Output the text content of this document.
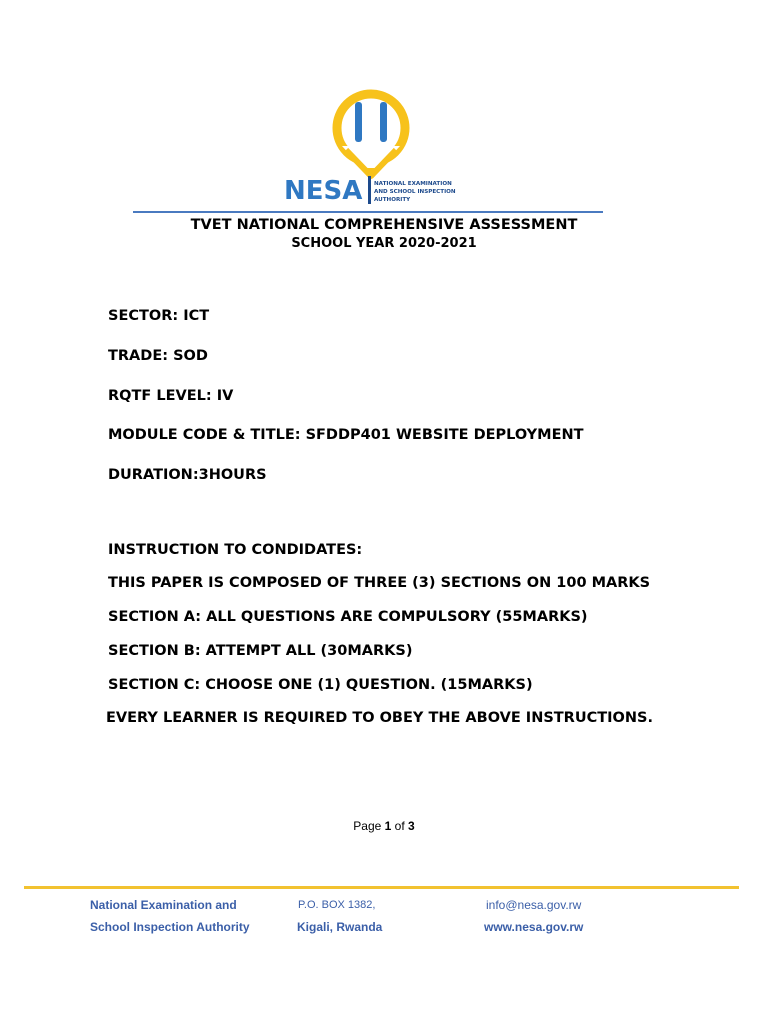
NESA NATIONAL EXAMINATION
AND SCHOOL INSPECTION
AUTHORITY
TVET NATIONAL COMPREHENSIVE ASSESSMENT
SCHOOL YEAR 2020-2021
SECTOR: ICT
TRADE: SOD
RQTF LEVEL: IV
MODULE CODE & TITLE: SFDDP401 WEBSITE DEPLOYMENT
DURATION:3HOURS
INSTRUCTION TO CONDIDATES:
THIS PAPER IS COMPOSED OF THREE (3) SECTIONS ON 100 MARKS
SECTION A: ALL QUESTIONS ARE COMPULSORY (55MARKS)
SECTION B: ATTEMPT ALL (30MARKS)
SECTION C: CHOOSE ONE (1) QUESTION. (15MARKS)
EVERY LEARNER IS REQUIRED TO OBEY THE ABOVE INSTRUCTIONS.
Page 1 of 3
National Examination and
School Inspection Authority
P.O. BOX 1382,
Kigali, Rwanda
info@nesa.gov.rw
www.nesa.gov.rw
